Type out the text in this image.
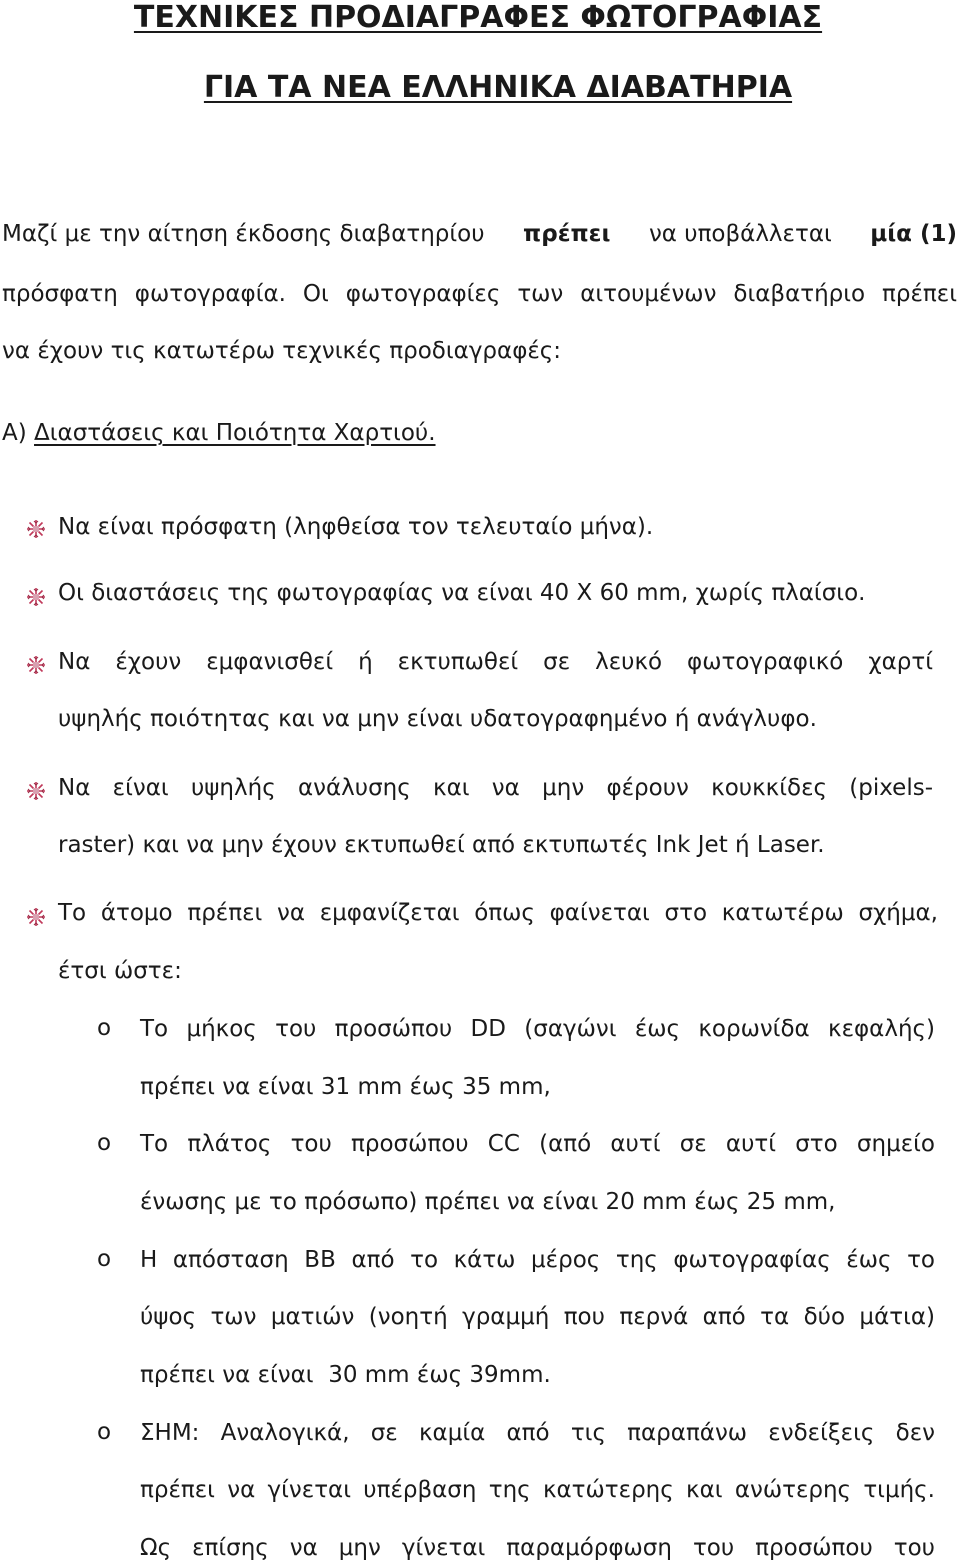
ΤΕΧΝΙΚΕΣ ΠΡΟΔΙΑΓΡΑΦΕΣ ΦΩΤΟΓΡΑΦΙΑΣ
ΓΙΑ ΤΑ ΝΕΑ ΕΛΛΗΝΙΚΑ ΔΙΑΒΑΤΗΡΙΑ
Μαζί με την αίτηση έκδοσης διαβατηρίου πρέπει να υποβάλλεται μία (1)
πρόσφατη φωτογραφία. Οι φωτογραφίες των αιτουμένων διαβατήριο πρέπει
να έχουν τις κατωτέρω τεχνικές προδιαγραφές:
Α) Διαστάσεις και Ποιότητα Χαρτιού.
Να είναι πρόσφατη (ληφθείσα τον τελευταίο μήνα).
Οι διαστάσεις της φωτογραφίας να είναι 40 Χ 60 mm, χωρίς πλαίσιο.
Να έχουν εμφανισθεί ή εκτυπωθεί σε λευκό φωτογραφικό χαρτί
υψηλής ποιότητας και να μην είναι υδατογραφημένο ή ανάγλυφο.
Να είναι υψηλής ανάλυσης και να μην φέρουν κουκκίδες (pixels-
raster) και να μην έχουν εκτυπωθεί από εκτυπωτές Ink Jet ή Laser.
Το άτομο πρέπει να εμφανίζεται όπως φαίνεται στο κατωτέρω σχήμα,
έτσι ώστε:
o Το μήκος του προσώπου DD (σαγώνι έως κορωνίδα κεφαλής)
πρέπει να είναι 31 mm έως 35 mm,
o Το πλάτος του προσώπου CC (από αυτί σε αυτί στο σημείο
ένωσης με το πρόσωπο) πρέπει να είναι 20 mm έως 25 mm,
o Η απόσταση ΒΒ από το κάτω μέρος της φωτογραφίας έως το
ύψος των ματιών (νοητή γραμμή που περνά από τα δύο μάτια)
πρέπει να είναι  30 mm έως 39mm.
o ΣΗΜ: Αναλογικά, σε καμία από τις παραπάνω ενδείξεις δεν
πρέπει να γίνεται υπέρβαση της κατώτερης και ανώτερης τιμής.
Ως επίσης να μην γίνεται παραμόρφωση του προσώπου του
